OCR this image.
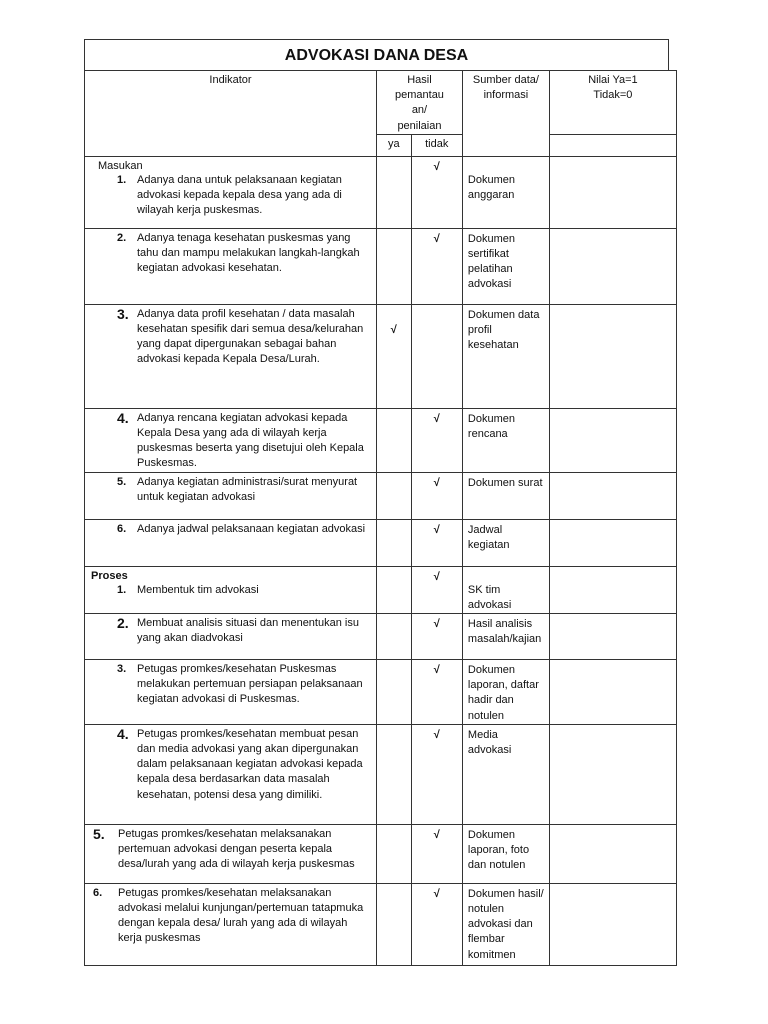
ADVOKASI DANA DESA
Indikator	Hasil pemantau an/ penilaian		Sumber data/ informasi	Nilai Ya=1
Tidak=0

	ya	tidak		

Masukan
1. Adanya dana untuk pelaksanaan kegiatan advokasi kepada kepala desa yang ada di wilayah kerja puskesmas.		√	Dokumen anggaran	

2. Adanya tenaga kesehatan puskesmas yang tahu dan mampu melakukan langkah-langkah kegiatan advokasi kesehatan.		√	Dokumen sertifikat pelatihan advokasi	

3. Adanya data profil kesehatan / data masalah kesehatan spesifik dari semua desa/kelurahan yang dapat dipergunakan sebagai bahan advokasi kepada Kepala Desa/Lurah.	√		Dokumen data profil kesehatan	

4. Adanya rencana kegiatan advokasi kepada Kepala Desa yang ada di wilayah kerja puskesmas beserta yang disetujui oleh Kepala Puskesmas.		√	Dokumen rencana	

5. Adanya kegiatan administrasi/surat menyurat untuk kegiatan advokasi		√	Dokumen surat	

6. Adanya jadwal pelaksanaan kegiatan advokasi		√	Jadwal kegiatan	

Proses
1. Membentuk tim advokasi		√	SK tim advokasi	

2. Membuat analisis situasi dan menentukan isu yang akan diadvokasi		√	Hasil analisis masalah/kajian	

3. Petugas promkes/kesehatan Puskesmas melakukan pertemuan persiapan pelaksanaan kegiatan advokasi di Puskesmas.		√	Dokumen laporan, daftar hadir dan notulen	

4. Petugas promkes/kesehatan membuat pesan dan media advokasi yang akan dipergunakan dalam pelaksanaan kegiatan advokasi kepada kepala desa berdasarkan data masalah kesehatan, potensi desa yang dimiliki.		√	Media advokasi	

5. Petugas promkes/kesehatan melaksanakan pertemuan advokasi dengan peserta kepala desa/lurah yang ada di wilayah kerja puskesmas		√	Dokumen laporan, foto dan notulen	

6. Petugas promkes/kesehatan melaksanakan advokasi melalui kunjungan/pertemuan tatapmuka dengan kepala desa/ lurah yang ada di wilayah kerja puskesmas		√	Dokumen hasil/ notulen advokasi dan flembar komitmen	
